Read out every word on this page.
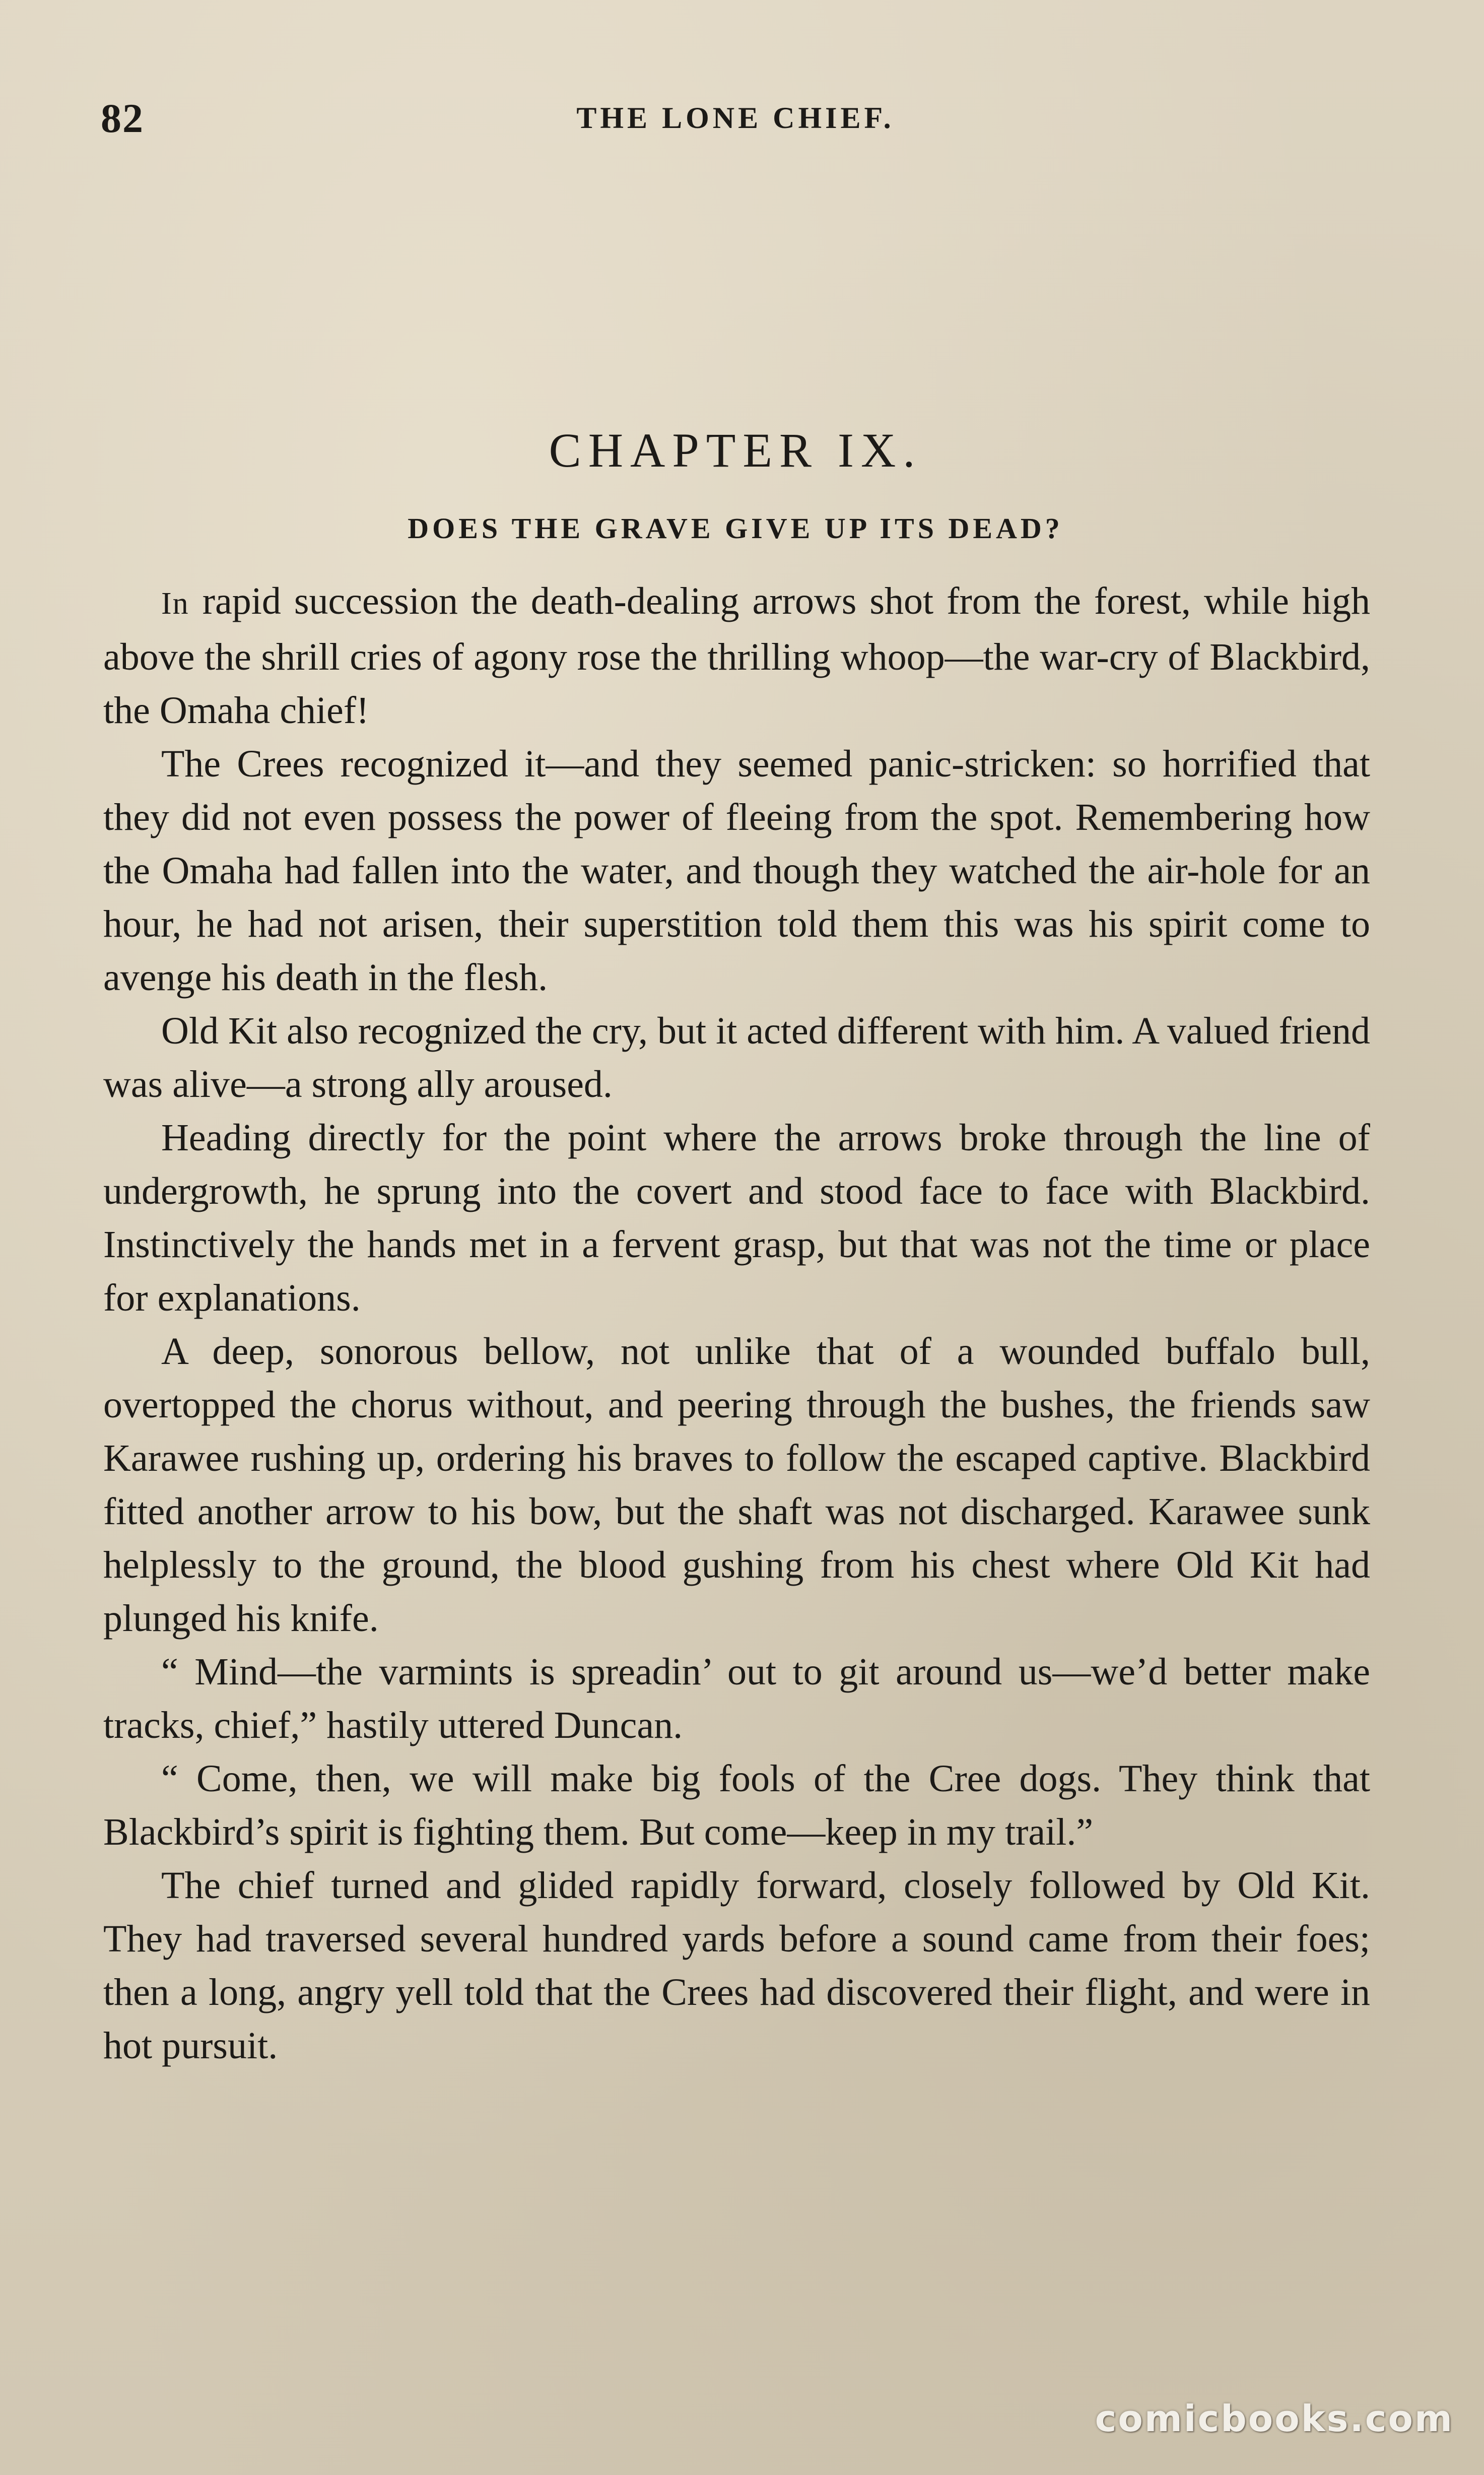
82	THE LONE CHIEF.
CHAPTER IX.
DOES THE GRAVE GIVE UP ITS DEAD?

In rapid succession the death-dealing arrows shot from the forest, while high above the shrill cries of agony rose the thrilling whoop—the war-cry of Blackbird, the Omaha chief!

The Crees recognized it—and they seemed panic-stricken: so horrified that they did not even possess the power of fleeing from the spot. Remembering how the Omaha had fallen into the water, and though they watched the air-hole for an hour, he had not arisen, their superstition told them this was his spirit come to avenge his death in the flesh.

Old Kit also recognized the cry, but it acted different with him. A valued friend was alive—a strong ally aroused.

Heading directly for the point where the arrows broke through the line of undergrowth, he sprung into the covert and stood face to face with Blackbird. Instinctively the hands met in a fervent grasp, but that was not the time or place for explanations.

A deep, sonorous bellow, not unlike that of a wounded buffalo bull, overtopped the chorus without, and peering through the bushes, the friends saw Karawee rushing up, ordering his braves to follow the escaped captive. Blackbird fitted another arrow to his bow, but the shaft was not discharged. Karawee sunk helplessly to the ground, the blood gushing from his chest where Old Kit had plunged his knife.

“ Mind—the varmints is spreadin’ out to git around us—we’d better make tracks, chief,” hastily uttered Duncan.

“ Come, then, we will make big fools of the Cree dogs. They think that Blackbird’s spirit is fighting them. But come—keep in my trail.”

The chief turned and glided rapidly forward, closely followed by Old Kit. They had traversed several hundred yards before a sound came from their foes; then a long, angry yell told that the Crees had discovered their flight, and were in hot pursuit.

comicbooks.com
